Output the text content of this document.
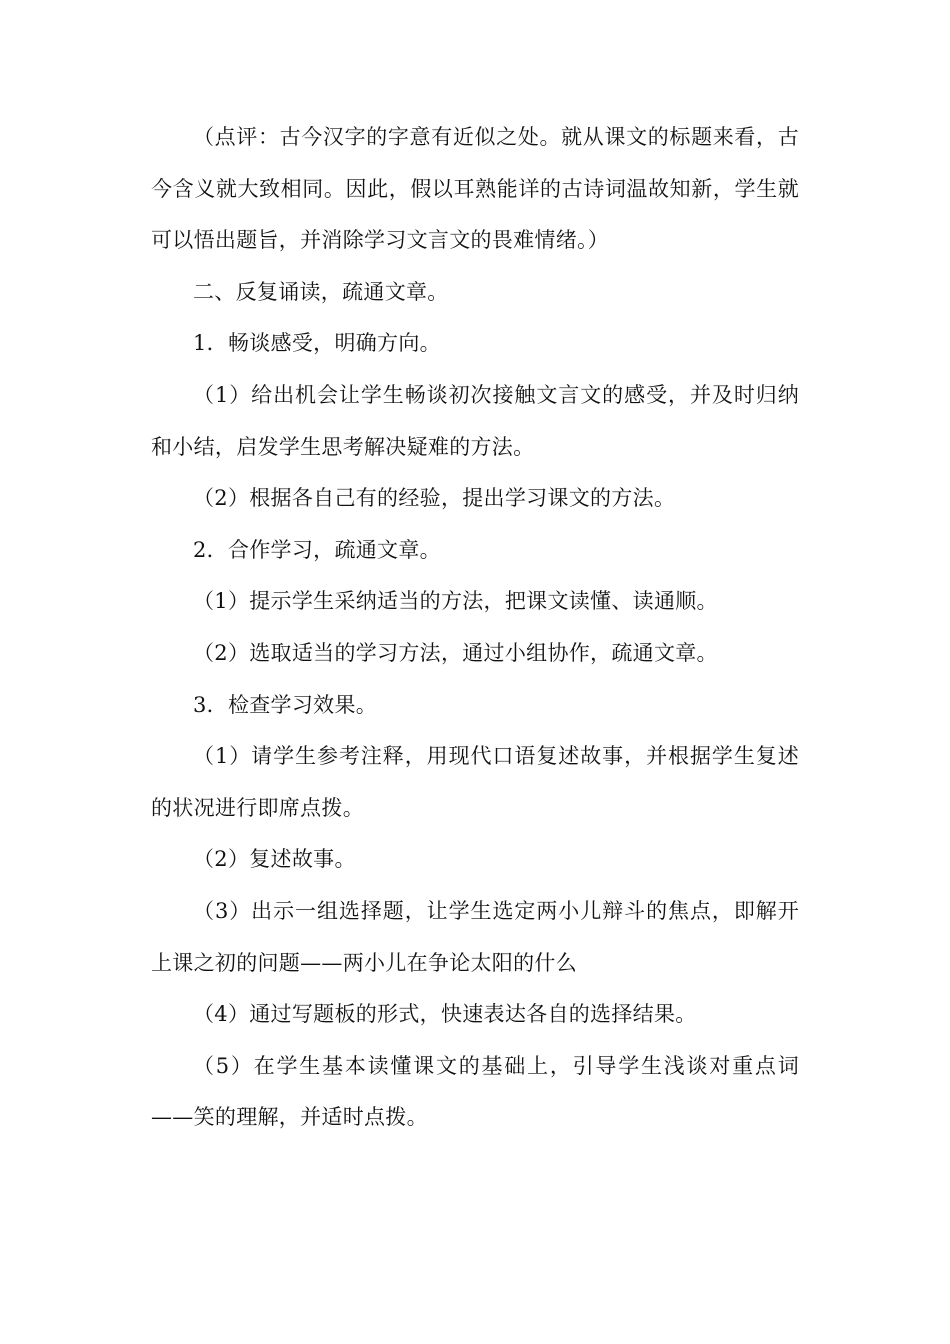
（点评：古今汉字的字意有近似之处。就从课文的标题来看，古今含义就大致相同。因此，假以耳熟能详的古诗词温故知新，学生就可以悟出题旨，并消除学习文言文的畏难情绪。）

二、反复诵读，疏通文章。

1．畅谈感受，明确方向。

（1）给出机会让学生畅谈初次接触文言文的感受，并及时归纳和小结，启发学生思考解决疑难的方法。

（2）根据各自己有的经验，提出学习课文的方法。

2．合作学习，疏通文章。

（1）提示学生采纳适当的方法，把课文读懂、读通顺。

（2）选取适当的学习方法，通过小组协作，疏通文章。

3．检查学习效果。

（1）请学生参考注释，用现代口语复述故事，并根据学生复述的状况进行即席点拨。

（2）复述故事。

（3）出示一组选择题，让学生选定两小儿辩斗的焦点，即解开上课之初的问题——两小儿在争论太阳的什么

（4）通过写题板的形式，快速表达各自的选择结果。

（5）在学生基本读懂课文的基础上，引导学生浅谈对重点词——笑的理解，并适时点拨。
